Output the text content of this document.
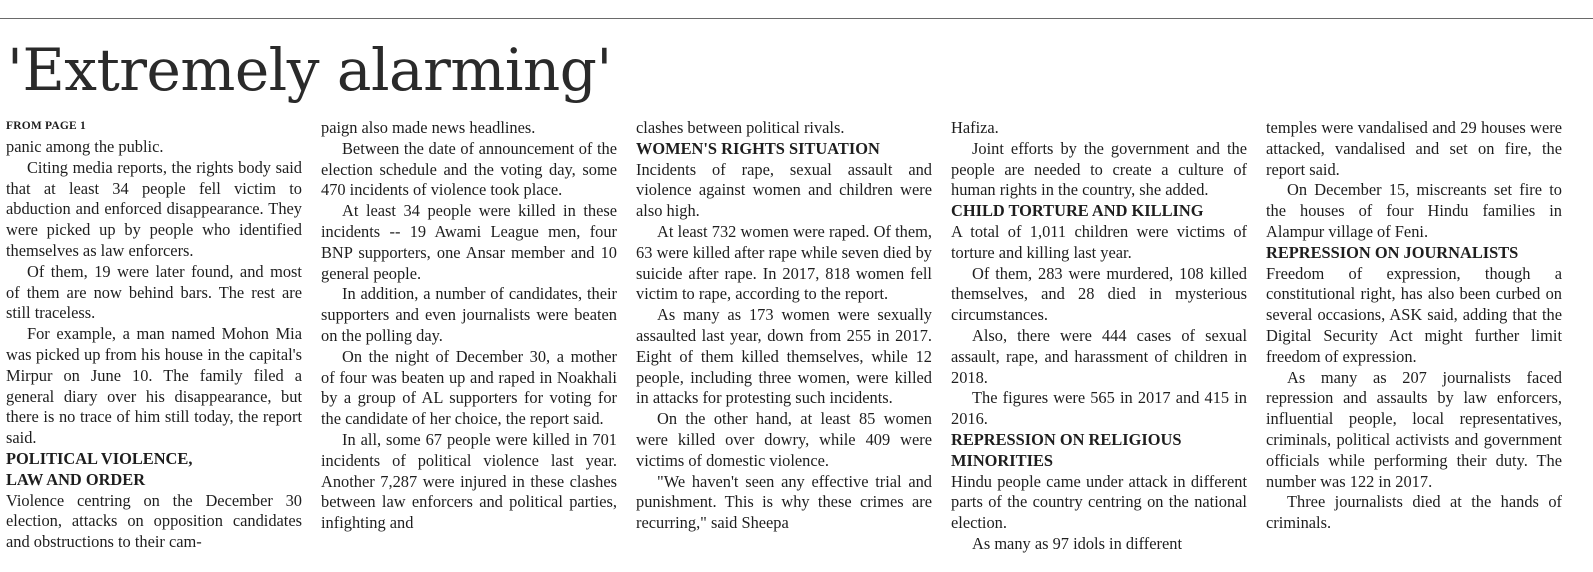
'Extremely alarming'

FROM PAGE 1

panic among the public.

Citing media reports, the rights body said that at least 34 people fell victim to abduction and enforced disappearance. They were picked up by people who identified themselves as law enforcers.

Of them, 19 were later found, and most of them are now behind bars. The rest are still traceless.

For example, a man named Mohon Mia was picked up from his house in the capital's Mirpur on June 10. The family filed a general diary over his disappearance, but there is no trace of him still today, the report said.

POLITICAL VIOLENCE,

LAW AND ORDER

Violence centring on the December 30 election, attacks on opposition candidates and obstructions to their cam-

paign also made news headlines.

Between the date of announcement of the election schedule and the voting day, some 470 incidents of violence took place.

At least 34 people were killed in these incidents -- 19 Awami League men, four BNP supporters, one Ansar member and 10 general people.

In addition, a number of candidates, their supporters and even journalists were beaten on the polling day.

On the night of December 30, a mother of four was beaten up and raped in Noakhali by a group of AL supporters for voting for the candidate of her choice, the report said.

In all, some 67 people were killed in 701 incidents of political violence last year. Another 7,287 were injured in these clashes between law enforcers and political parties, infighting and

clashes between political rivals.

WOMEN'S RIGHTS SITUATION

Incidents of rape, sexual assault and violence against women and children were also high.

At least 732 women were raped. Of them, 63 were killed after rape while seven died by suicide after rape. In 2017, 818 women fell victim to rape, according to the report.

As many as 173 women were sexually assaulted last year, down from 255 in 2017. Eight of them killed themselves, while 12 people, including three women, were killed in attacks for protesting such incidents.

On the other hand, at least 85 women were killed over dowry, while 409 were victims of domestic violence.

"We haven't seen any effective trial and punishment. This is why these crimes are recurring," said Sheepa

Hafiza.

Joint efforts by the government and the people are needed to create a culture of human rights in the country, she added.

CHILD TORTURE AND KILLING

A total of 1,011 children were victims of torture and killing last year.

Of them, 283 were murdered, 108 killed themselves, and 28 died in mysterious circumstances.

Also, there were 444 cases of sexual assault, rape, and harassment of children in 2018.

The figures were 565 in 2017 and 415 in 2016.

REPRESSION ON RELIGIOUS MINORITIES

Hindu people came under attack in different parts of the country centring on the national election.

As many as 97 idols in different

temples were vandalised and 29 houses were attacked, vandalised and set on fire, the report said.

On December 15, miscreants set fire to the houses of four Hindu families in Alampur village of Feni.

REPRESSION ON JOURNALISTS

Freedom of expression, though a constitutional right, has also been curbed on several occasions, ASK said, adding that the Digital Security Act might further limit freedom of expression.

As many as 207 journalists faced repression and assaults by law enforcers, influential people, local representatives, criminals, political activists and government officials while performing their duty. The number was 122 in 2017.

Three journalists died at the hands of criminals.
